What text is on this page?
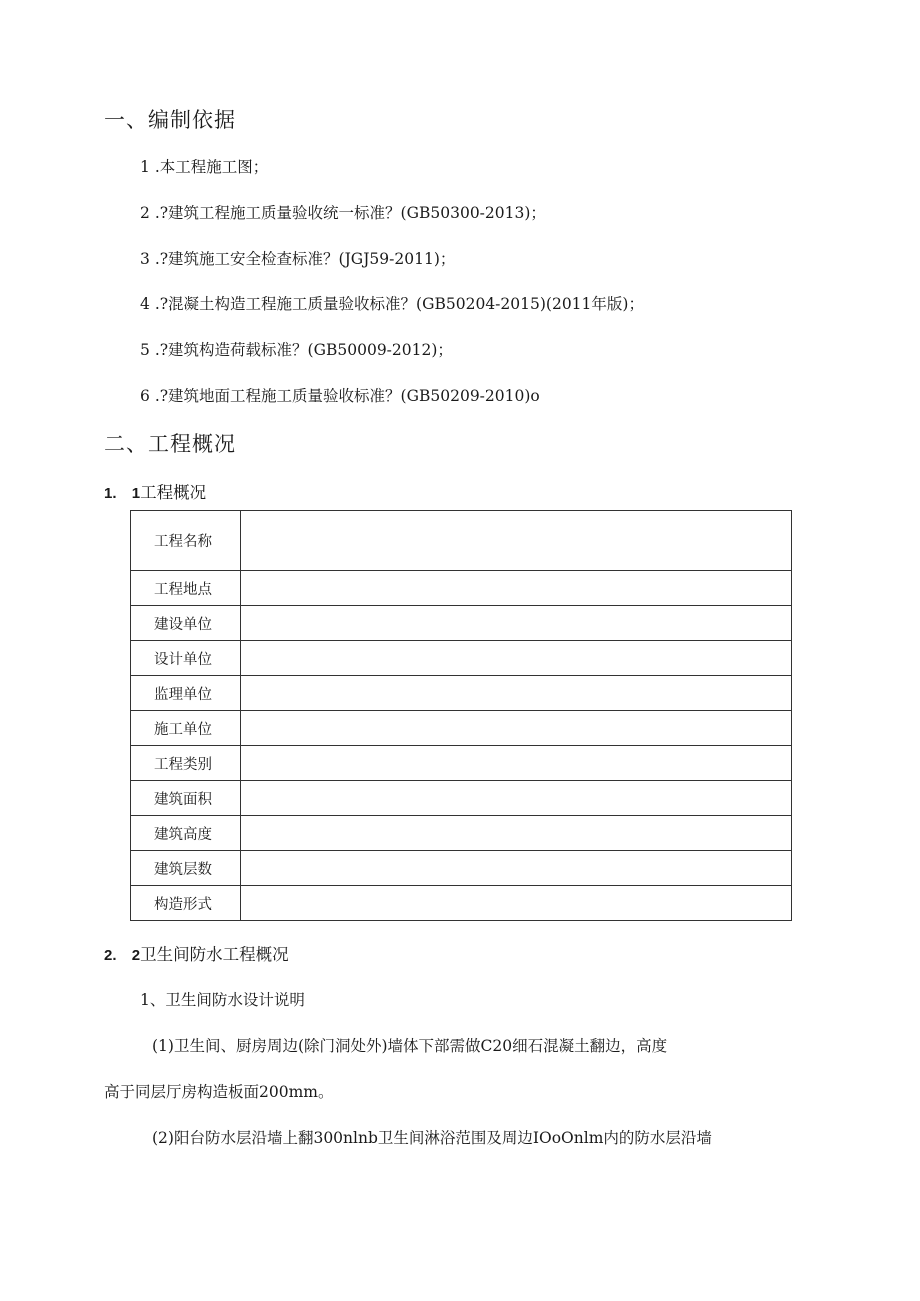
一、编制依据
1 .本工程施工图；
2 .?建筑工程施工质量验收统一标准？(GB50300-2013)；
3 .?建筑施工安全检查标准？(JGJ59-2011)；
4 .?混凝土构造工程施工质量验收标准？(GB50204-2015)(2011年版)；
5 .?建筑构造荷载标准？(GB50009-2012)；
6 .?建筑地面工程施工质量验收标准？(GB50209-2010)o
二、工程概况
1. 1工程概况
工程名称	
工程地点	
建设单位	
设计单位	
监理单位	
施工单位	
工程类别	
建筑面积	
建筑高度	
建筑层数	
构造形式	
2. 2卫生间防水工程概况
1、卫生间防水设计说明
(1)卫生间、厨房周边(除门洞处外)墙体下部需做C20细石混凝土翻边，高度
高于同层厅房构造板面200mm。
(2)阳台防水层沿墙上翻300nlnb卫生间淋浴范围及周边IOoOnlm内的防水层沿墙
